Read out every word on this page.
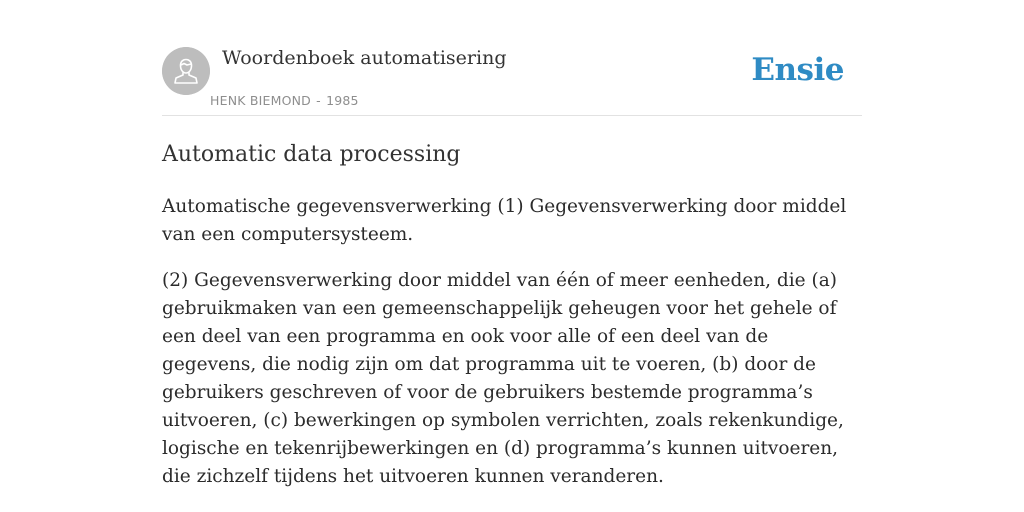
Woordenboek automatisering
HENK BIEMOND - 1985
Ensie
Automatic data processing

Automatische gegevensverwerking (1) Gegevensverwerking door middel van een computersysteem.

(2) Gegevensverwerking door middel van één of meer eenheden, die (a) gebruikmaken van een gemeenschappelijk geheugen voor het gehele of een deel van een programma en ook voor alle of een deel van de gegevens, die nodig zijn om dat programma uit te voeren, (b) door de gebruikers geschreven of voor de gebruikers bestemde programma’s uitvoeren, (c) bewerkingen op symbolen verrichten, zoals rekenkundige, logische en tekenrijbewerkingen en (d) programma’s kunnen uitvoeren, die zichzelf tijdens het uitvoeren kunnen veranderen.
